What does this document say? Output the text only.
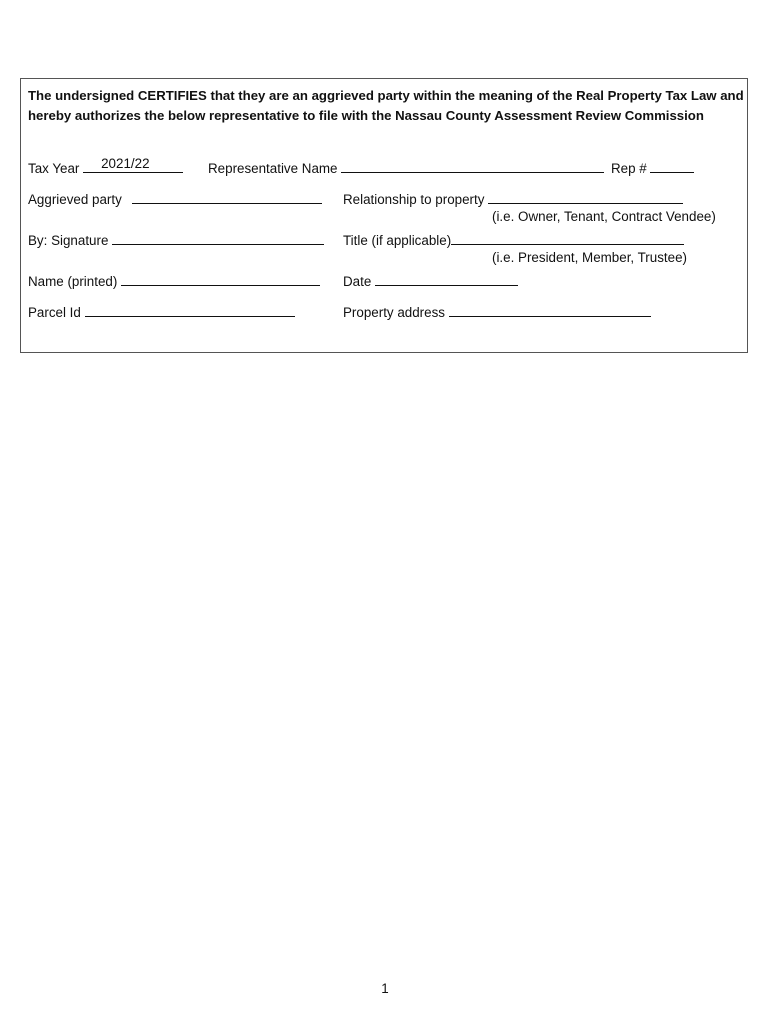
The undersigned CERTIFIES that they are an aggrieved party within the meaning of the Real Property Tax Law and
hereby authorizes the below representative to file with the Nassau County Assessment Review Commission
Tax Year 2021/22	Representative Name	Rep #
Aggrieved party	Relationship to property
(i.e. Owner, Tenant, Contract Vendee)
By: Signature	Title (if applicable)
(i.e. President, Member, Trustee)
Name (printed)	Date
Parcel Id	Property address
1
